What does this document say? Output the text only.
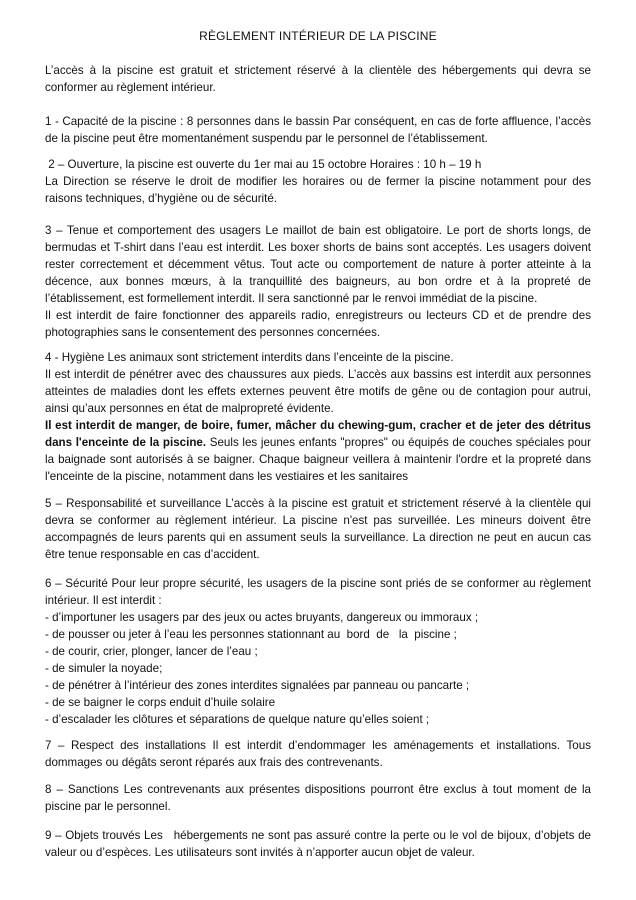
RÈGLEMENT INTÉRIEUR DE LA PISCINE

L’accès à la piscine est gratuit et strictement réservé à la clientèle des hébergements qui devra se conformer au règlement intérieur.

1 - Capacité de la piscine : 8 personnes dans le bassin Par conséquent, en cas de forte affluence, l’accès de la piscine peut être momentanément suspendu par le personnel de l’établissement.

2 – Ouverture, la piscine est ouverte du 1er mai au 15 octobre Horaires : 10 h – 19 h

La Direction se réserve le droit de modifier les horaires ou de fermer la piscine notamment pour des raisons techniques, d’hygiène ou de sécurité.

3 – Tenue et comportement des usagers Le maillot de bain est obligatoire. Le port de shorts longs, de bermudas et T-shirt dans l’eau est interdit. Les boxer shorts de bains sont acceptés. Les usagers doivent rester correctement et décemment vêtus. Tout acte ou comportement de nature à porter atteinte à la décence, aux bonnes mœurs, à la tranquillité des baigneurs, au bon ordre et à la propreté de l’établissement, est formellement interdit. Il sera sanctionné par le renvoi immédiat de la piscine.

Il est interdit de faire fonctionner des appareils radio, enregistreurs ou lecteurs CD et de prendre des photographies sans le consentement des personnes concernées.

4 - Hygiène Les animaux sont strictement interdits dans l’enceinte de la piscine.

Il est interdit de pénétrer avec des chaussures aux pieds. L’accès aux bassins est interdit aux personnes atteintes de maladies dont les effets externes peuvent être motifs de gêne ou de contagion pour autrui, ainsi qu’aux personnes en état de malpropreté évidente.

Il est interdit de manger, de boire, fumer, mâcher du chewing-gum, cracher et de jeter des détritus dans l'enceinte de la piscine. Seuls les jeunes enfants "propres" ou équipés de couches spéciales pour la baignade sont autorisés à se baigner. Chaque baigneur veillera à maintenir l'ordre et la propreté dans l'enceinte de la piscine, notamment dans les vestiaires et les sanitaires

5 – Responsabilité et surveillance L’accès à la piscine est gratuit et strictement réservé à la clientèle qui devra se conformer au règlement intérieur. La piscine n'est pas surveillée. Les mineurs doivent être accompagnés de leurs parents qui en assument seuls la surveillance. La direction ne peut en aucun cas être tenue responsable en cas d’accident.

6 – Sécurité Pour leur propre sécurité, les usagers de la piscine sont priés de se conformer au règlement intérieur. Il est interdit :

- d’importuner les usagers par des jeux ou actes bruyants, dangereux ou immoraux ;
- de pousser ou jeter à l’eau les personnes stationnant au  bord  de   la  piscine ;
- de courir, crier, plonger, lancer de l’eau ;
- de simuler la noyade;
- de pénétrer à l’intérieur des zones interdites signalées par panneau ou pancarte ;
- de se baigner le corps enduit d’huile solaire
- d’escalader les clôtures et séparations de quelque nature qu’elles soient ;

7 – Respect des installations Il est interdit d’endommager les aménagements et installations. Tous dommages ou dégâts seront réparés aux frais des contrevenants.

8 – Sanctions Les contrevenants aux présentes dispositions pourront être exclus à tout moment de la piscine par le personnel.

9 – Objets trouvés Les   hébergements ne sont pas assuré contre la perte ou le vol de bijoux, d’objets de valeur ou d’espèces. Les utilisateurs sont invités à n’apporter aucun objet de valeur.
